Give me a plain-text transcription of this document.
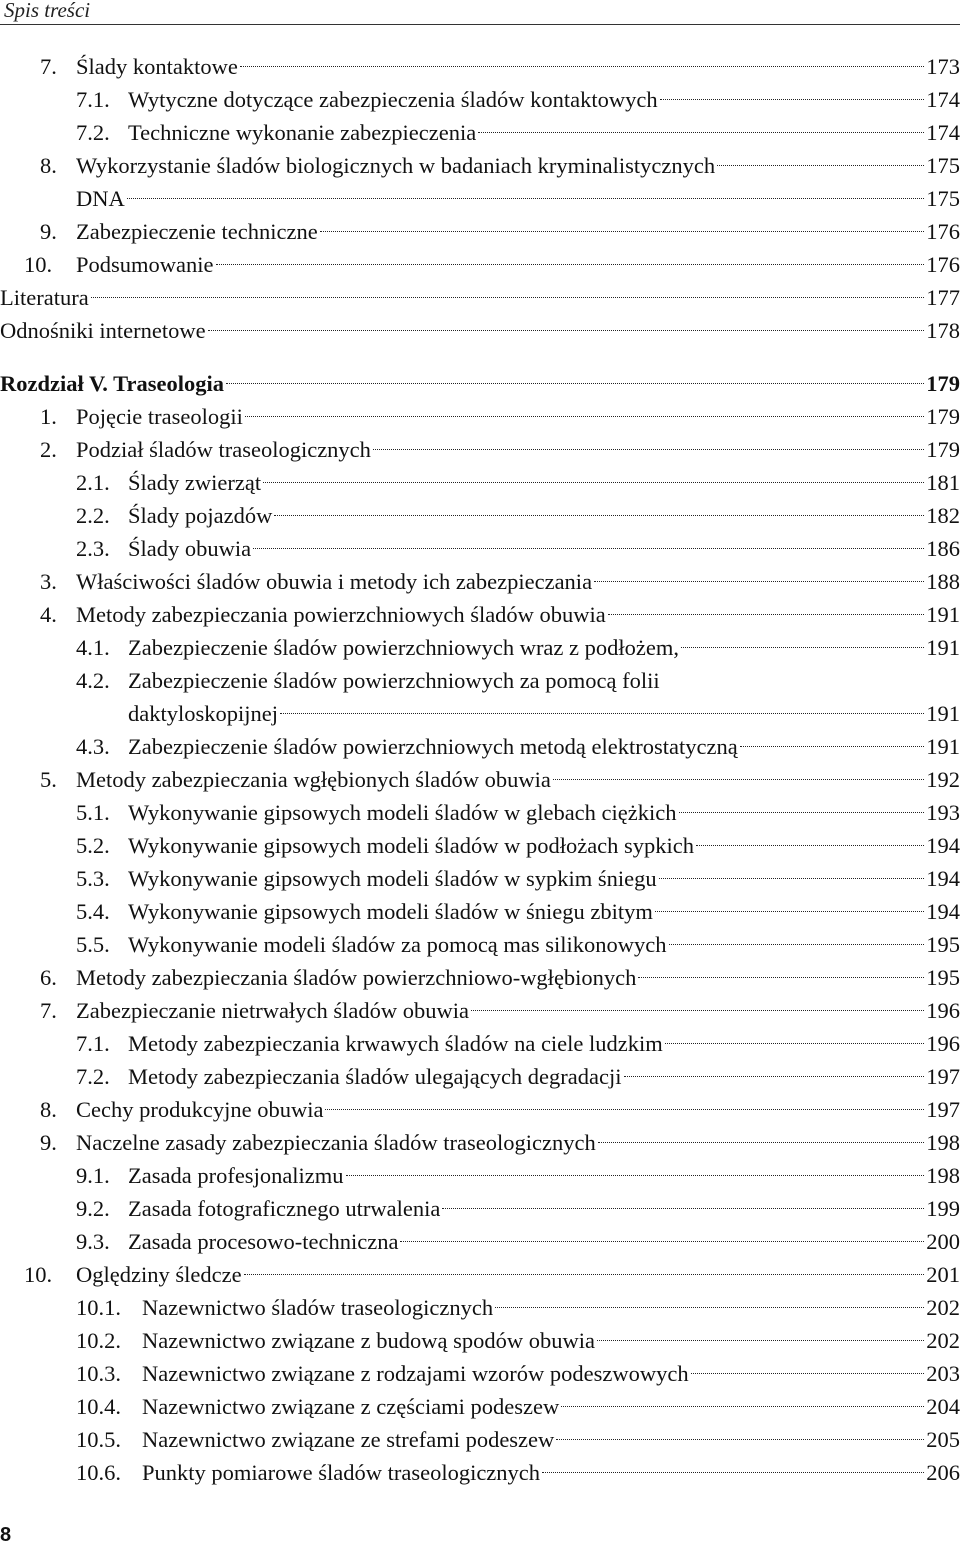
Spis treści
7. Ślady kontaktowe	173
7.1. Wytyczne dotyczące zabezpieczenia śladów kontaktowych	174
7.2. Techniczne wykonanie zabezpieczenia	174
8. Wykorzystanie śladów biologicznych w badaniach kryminalistycznych	175
DNA	175
9. Zabezpieczenie techniczne	176
10. Podsumowanie	176
Literatura	177
Odnośniki internetowe	178
Rozdział V. Traseologia	179
1. Pojęcie traseologii	179
2. Podział śladów traseologicznych	179
2.1. Ślady zwierząt	181
2.2. Ślady pojazdów	182
2.3. Ślady obuwia	186
3. Właściwości śladów obuwia i metody ich zabezpieczania	188
4. Metody zabezpieczania powierzchniowych śladów obuwia	191
4.1. Zabezpieczenie śladów powierzchniowych wraz z podłożem,	191
4.2. Zabezpieczenie śladów powierzchniowych za pomocą folii
daktyloskopijnej	191
4.3. Zabezpieczenie śladów powierzchniowych metodą elektrostatyczną	191
5. Metody zabezpieczania wgłębionych śladów obuwia	192
5.1. Wykonywanie gipsowych modeli śladów w glebach ciężkich	193
5.2. Wykonywanie gipsowych modeli śladów w podłożach sypkich	194
5.3. Wykonywanie gipsowych modeli śladów w sypkim śniegu	194
5.4. Wykonywanie gipsowych modeli śladów w śniegu zbitym	194
5.5. Wykonywanie modeli śladów za pomocą mas silikonowych	195
6. Metody zabezpieczania śladów powierzchniowo-wgłębionych	195
7. Zabezpieczanie nietrwałych śladów obuwia	196
7.1. Metody zabezpieczania krwawych śladów na ciele ludzkim	196
7.2. Metody zabezpieczania śladów ulegających degradacji	197
8. Cechy produkcyjne obuwia	197
9. Naczelne zasady zabezpieczania śladów traseologicznych	198
9.1. Zasada profesjonalizmu	198
9.2. Zasada fotograficznego utrwalenia	199
9.3. Zasada procesowo-techniczna	200
10. Oględziny śledcze	201
10.1. Nazewnictwo śladów traseologicznych	202
10.2. Nazewnictwo związane z budową spodów obuwia	202
10.3. Nazewnictwo związane z rodzajami wzorów podeszwowych	203
10.4. Nazewnictwo związane z częściami podeszew	204
10.5. Nazewnictwo związane ze strefami podeszew	205
10.6. Punkty pomiarowe śladów traseologicznych	206
8
